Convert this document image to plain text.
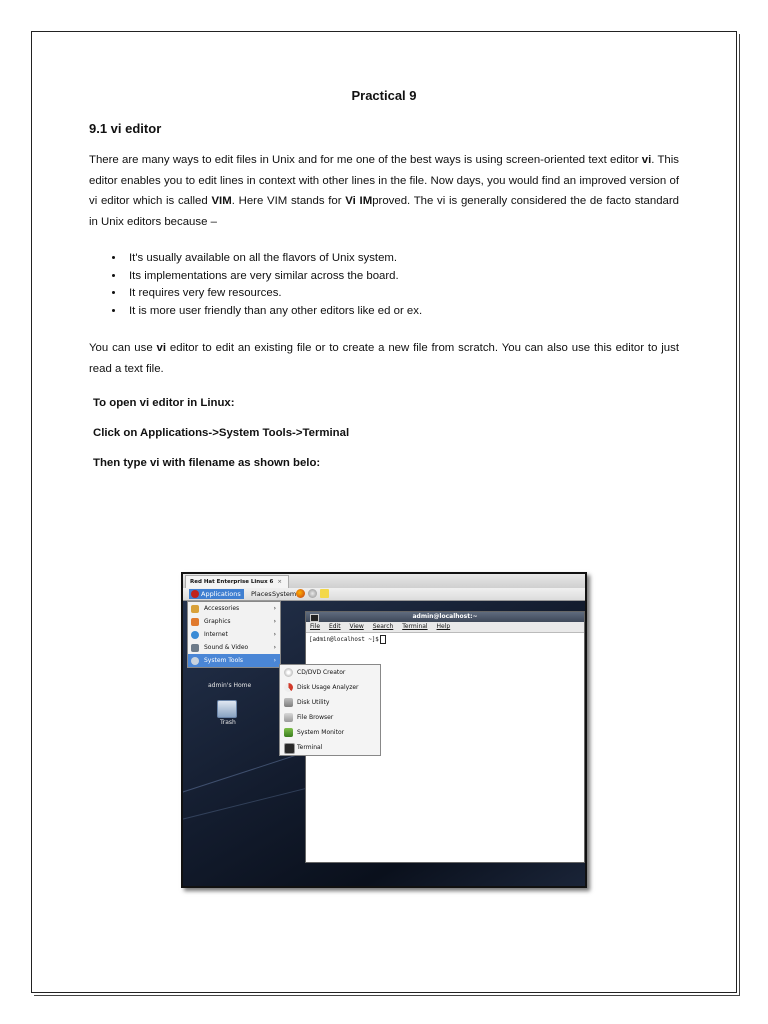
Practical 9
9.1 vi editor

There are many ways to edit files in Unix and for me one of the best ways is using screen-oriented text editor vi. This editor enables you to edit lines in context with other lines in the file. Now days, you would find an improved version of vi editor which is called VIM. Here VIM stands for Vi IMproved. The vi is generally considered the de facto standard in Unix editors because –

• It's usually available on all the flavors of Unix system.
• Its implementations are very similar across the board.
• It requires very few resources.
• It is more user friendly than any other editors like ed or ex.

You can use vi editor to edit an existing file or to create a new file from scratch. You can also use this editor to just read a text file.

To open vi editor in Linux:
Click on Applications->System Tools->Terminal
Then type vi with filename as shown belo:
Red Hat Enterprise Linux 6 ×
Applications	Places System
Accessories	›
Graphics	›
Internet	›
Sound & Video	›
System Tools	›
admin's Home
Trash
admin@localhost:~
File Edit View Search Terminal Help
[admin@localhost ~]$
CD/DVD Creator
Disk Usage Analyzer
Disk Utility
File Browser
System Monitor
Terminal
